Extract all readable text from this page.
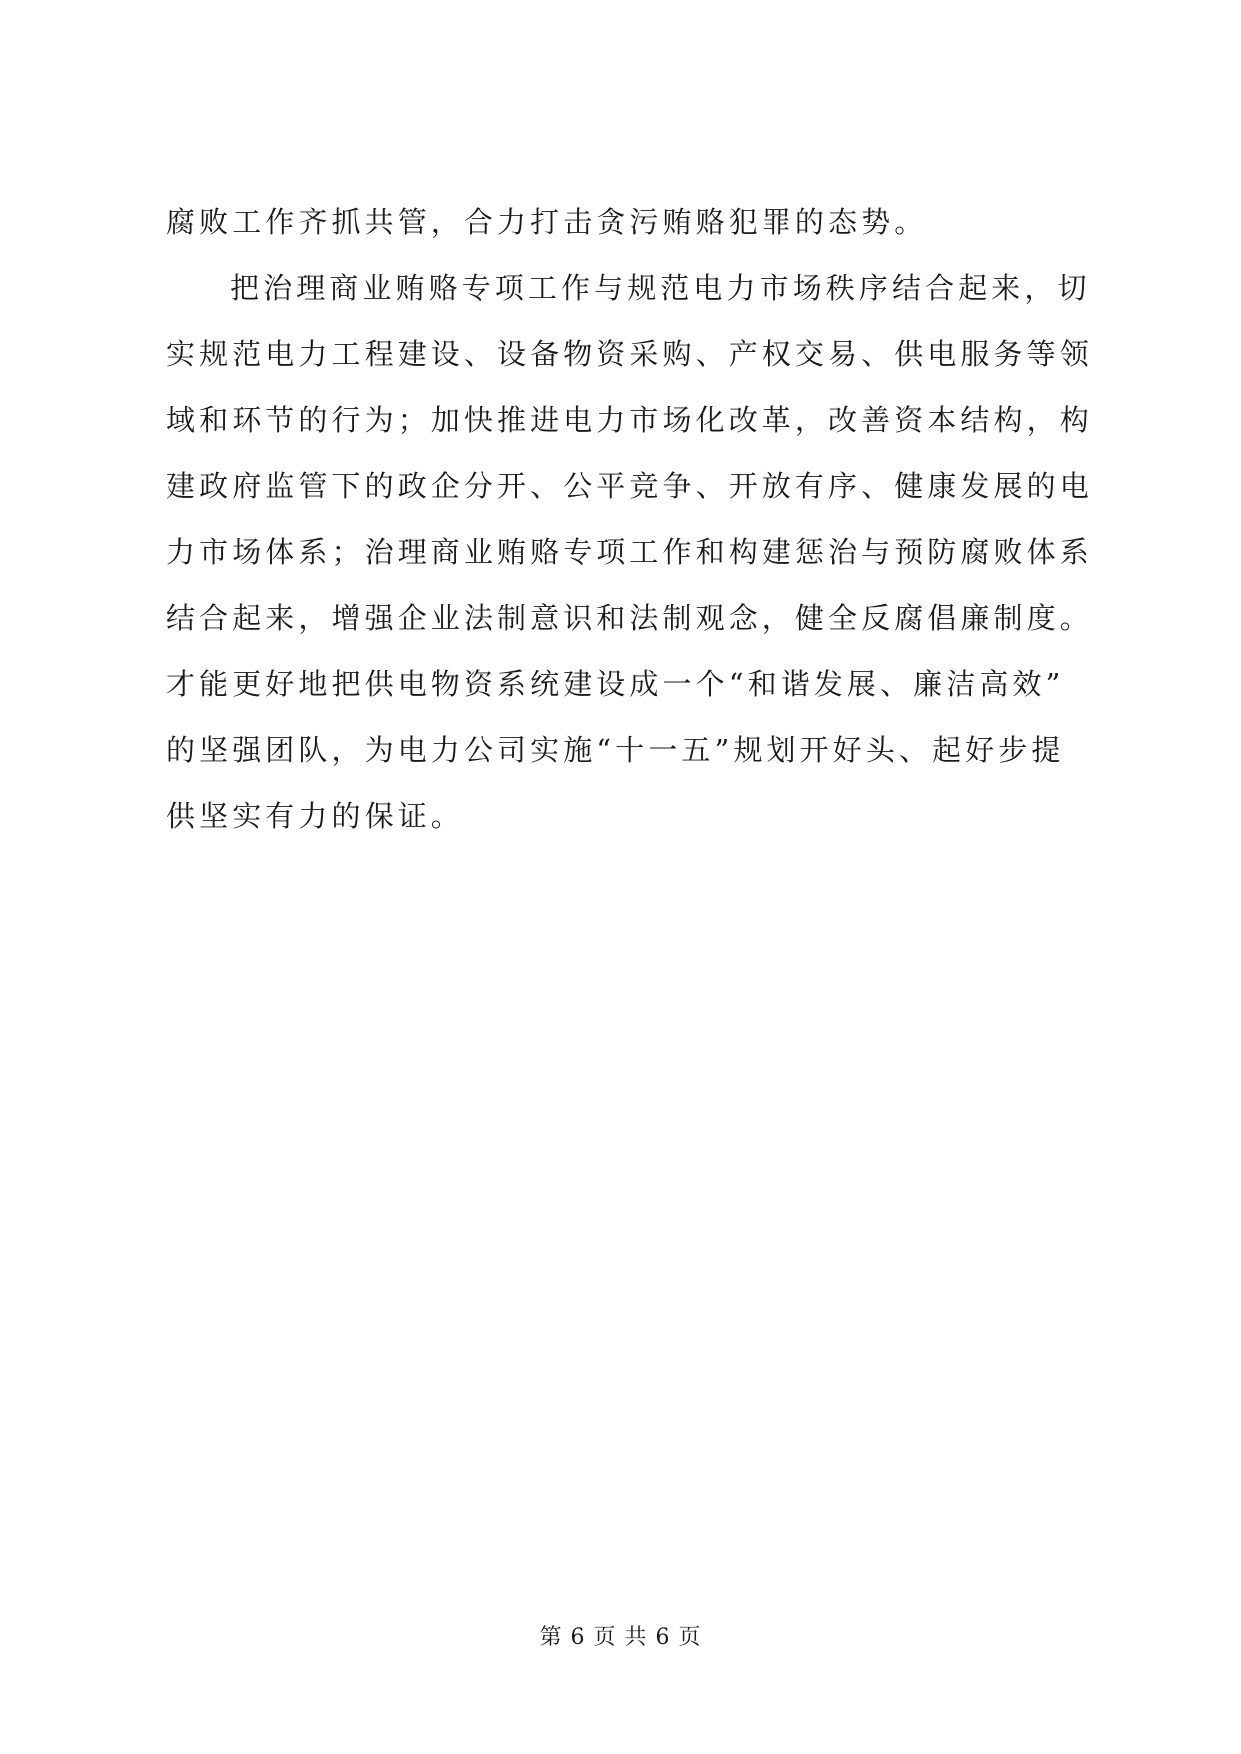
腐败工作齐抓共管，合力打击贪污贿赂犯罪的态势。
把治理商业贿赂专项工作与规范电力市场秩序结合起来，切
实规范电力工程建设、设备物资采购、产权交易、供电服务等领
域和环节的行为；加快推进电力市场化改革，改善资本结构，构
建政府监管下的政企分开、公平竞争、开放有序、健康发展的电
力市场体系；治理商业贿赂专项工作和构建惩治与预防腐败体系
结合起来，增强企业法制意识和法制观念，健全反腐倡廉制度。
才能更好地把供电物资系统建设成一个“和谐发展、廉洁高效”
的坚强团队，为电力公司实施“十一五”规划开好头、起好步提
供坚实有力的保证。
第 6 页 共 6 页
